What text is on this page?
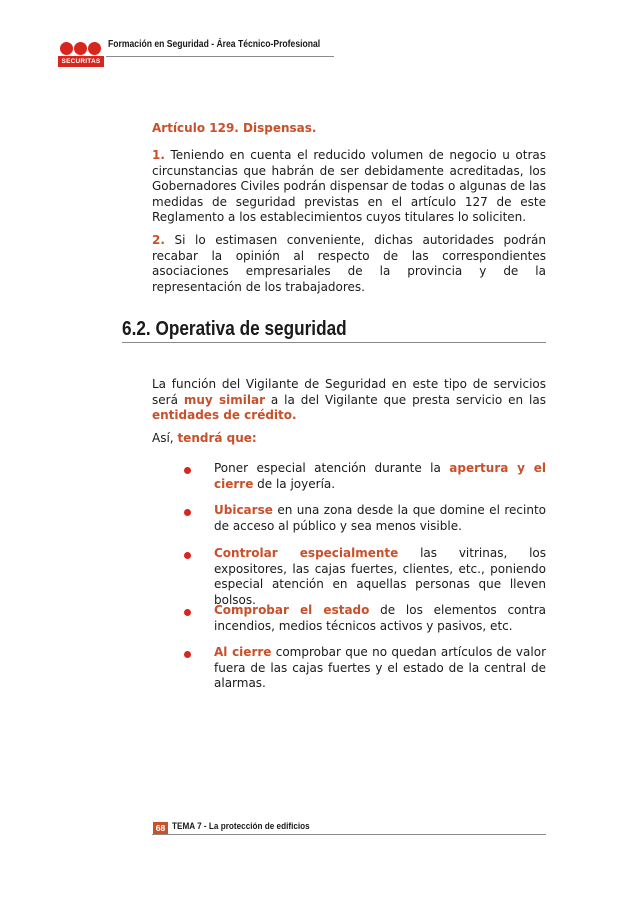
SECURITAS
Formación en Seguridad - Área Técnico-Profesional
Artículo 129. Dispensas.
1. Teniendo en cuenta el reducido volumen de negocio u otras circunstancias que habrán de ser debidamente acreditadas, los Gobernadores Civiles podrán dispensar de todas o algunas de las medidas de seguridad previstas en el artículo 127 de este Reglamento a los establecimientos cuyos titulares lo soliciten.
2. Si lo estimasen conveniente, dichas autoridades podrán recabar la opinión al respecto de las correspondientes asociaciones empresariales de la provincia y de la representación de los trabajadores.
6.2. Operativa de seguridad
La función del Vigilante de Seguridad en este tipo de servicios será muy similar a la del Vigilante que presta servicio en las entidades de crédito.
Así, tendrá que:
Poner especial atención durante la apertura y el cierre de la joyería.
Ubicarse en una zona desde la que domine el recinto de acceso al público y sea menos visible.
Controlar especialmente las vitrinas, los expositores, las cajas fuertes, clientes, etc., poniendo especial atención en aquellas personas que lleven bolsos.
Comprobar el estado de los elementos contra incendios, medios técnicos activos y pasivos, etc.
Al cierre comprobar que no quedan artículos de valor fuera de las cajas fuertes y el estado de la central de alarmas.
68 TEMA 7 - La protección de edificios
